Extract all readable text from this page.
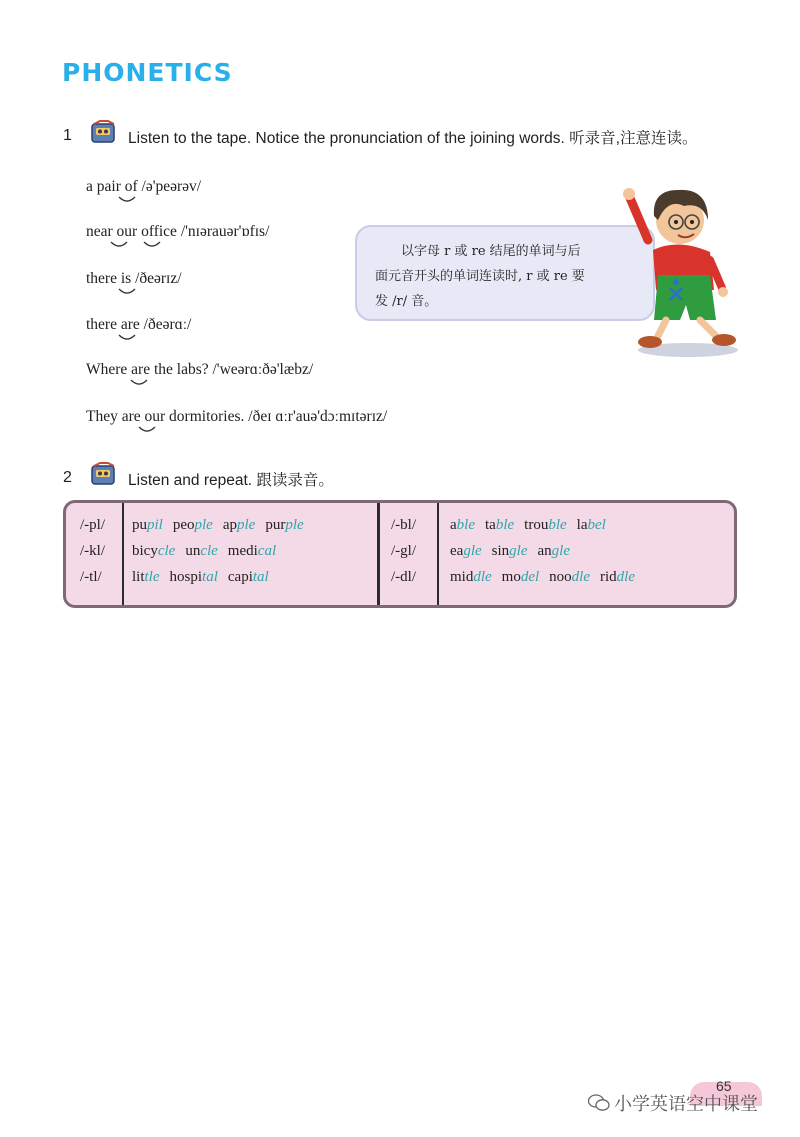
PHONETICS
1	Listen to the tape. Notice the pronunciation of the joining words. 听录音,注意连读。
a pair of /ə'peərəv/
near our office /'nɪərauər'ɒfɪs/
there is /ðeərɪz/
there are /ðeərɑː/
Where are the labs? /'weərɑːðə'læbz/
They are our dormitories. /ðeɪ ɑːr'auə'dɔːmɪtərɪz/

以字母 r 或 re 结尾的单词与后

面元音开头的单词连读时, r 或 re 要
发 /r/ 音。
2	Listen and repeat. 跟读录音。
/-pl/
/-kl/
/-tl/
pupil people apple purple
bicycle uncle medical
little hospital capital
/-bl/
/-gl/
/-dl/
able table trouble label
eagle single angle
middle model noodle riddle
65
小学英语空中课堂
